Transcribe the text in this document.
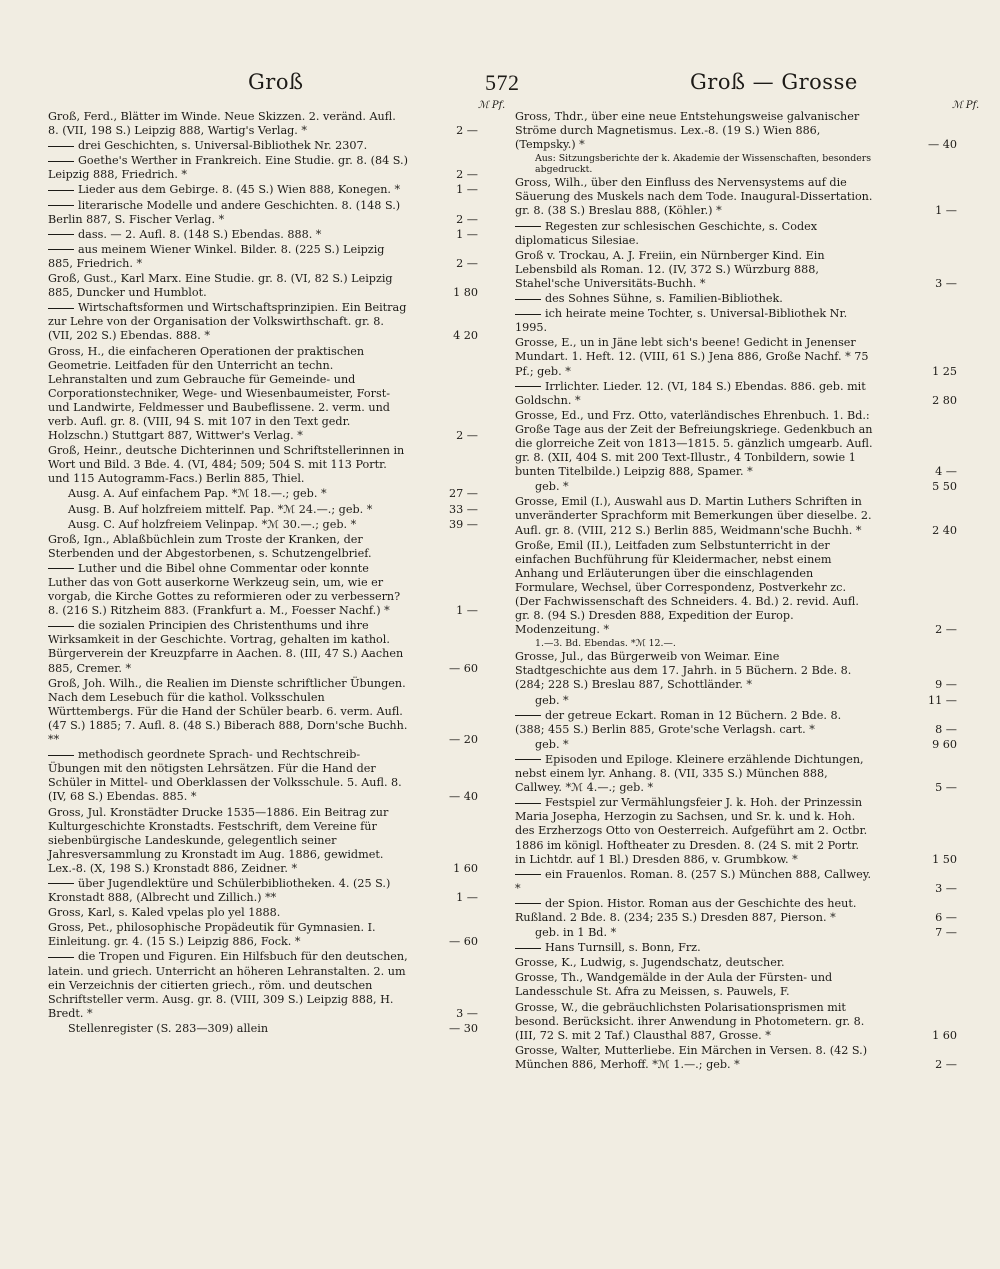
Groß	572	Groß — Grosse
ℳ Pf.	ℳ Pf.
Groß, Ferd., Blätter im Winde. Neue Skizzen. 2. veränd. Aufl. 8. (VII, 198 S.) Leipzig 888, Wartig's Verlag. *	2 —
drei Geschichten, s. Universal-Bibliothek Nr. 2307.
Goethe's Werther in Frankreich. Eine Studie. gr. 8. (84 S.) Leipzig 888, Friedrich. *	2 —
Lieder aus dem Gebirge. 8. (45 S.) Wien 888, Konegen. *	1 —
literarische Modelle und andere Geschichten. 8. (148 S.) Berlin 887, S. Fischer Verlag. *	2 —
dass. — 2. Aufl. 8. (148 S.) Ebendas. 888. *	1 —
aus meinem Wiener Winkel. Bilder. 8. (225 S.) Leipzig 885, Friedrich. *	2 —
Groß, Gust., Karl Marx. Eine Studie. gr. 8. (VI, 82 S.) Leipzig 885, Duncker und Humblot.	1 80
Wirtschaftsformen und Wirtschaftsprinzipien. Ein Beitrag zur Lehre von der Organisation der Volkswirthschaft. gr. 8. (VII, 202 S.) Ebendas. 888. *	4 20
Gross, H., die einfacheren Operationen der praktischen Geometrie. Leitfaden für den Unterricht an techn. Lehranstalten und zum Gebrauche für Gemeinde- und Corporationstechniker, Wege- und Wiesenbaumeister, Forst- und Landwirte, Feldmesser und Baubeflissene. 2. verm. und verb. Aufl. gr. 8. (VIII, 94 S. mit 107 in den Text gedr. Holzschn.) Stuttgart 887, Wittwer's Verlag. *	2 —
Groß, Heinr., deutsche Dichterinnen und Schriftstellerinnen in Wort und Bild. 3 Bde. 4. (VI, 484; 509; 504 S. mit 113 Portr. und 115 Autogramm-Facs.) Berlin 885, Thiel.
Ausg. A. Auf einfachem Pap. *ℳ 18.—.; geb. *	27 —
Ausg. B. Auf holzfreiem mittelf. Pap. *ℳ 24.—.; geb. *	33 —
Ausg. C. Auf holzfreiem Velinpap. *ℳ 30.—.; geb. *	39 —
Groß, Ign., Ablaßbüchlein zum Troste der Kranken, der Sterbenden und der Abgestorbenen, s. Schutzengelbrief.
Luther und die Bibel ohne Commentar oder konnte Luther das von Gott auserkorne Werkzeug sein, um, wie er vorgab, die Kirche Gottes zu reformieren oder zu verbessern? 8. (216 S.) Ritzheim 883. (Frankfurt a. M., Foesser Nachf.) *	1 —
die sozialen Principien des Christenthums und ihre Wirksamkeit in der Geschichte. Vortrag, gehalten im kathol. Bürgerverein der Kreuzpfarre in Aachen. 8. (III, 47 S.) Aachen 885, Cremer. *	— 60
Groß, Joh. Wilh., die Realien im Dienste schriftlicher Übungen. Nach dem Lesebuch für die kathol. Volksschulen Württembergs. Für die Hand der Schüler bearb. 6. verm. Aufl. (47 S.) 1885; 7. Aufl. 8. (48 S.) Biberach 888, Dorn'sche Buchh. **	— 20
methodisch geordnete Sprach- und Rechtschreib-Übungen mit den nötigsten Lehrsätzen. Für die Hand der Schüler in Mittel- und Oberklassen der Volksschule. 5. Aufl. 8. (IV, 68 S.) Ebendas. 885. *	— 40
Gross, Jul. Kronstädter Drucke 1535—1886. Ein Beitrag zur Kulturgeschichte Kronstadts. Festschrift, dem Vereine für siebenbürgische Landeskunde, gelegentlich seiner Jahresversammlung zu Kronstadt im Aug. 1886, gewidmet. Lex.-8. (X, 198 S.) Kronstadt 886, Zeidner. *	1 60
über Jugendlektüre und Schülerbibliotheken. 4. (25 S.) Kronstadt 888, (Albrecht und Zillich.) **	1 —
Gross, Karl, s. Kaled vpelas plo yel 1888.
Gross, Pet., philosophische Propädeutik für Gymnasien. I. Einleitung. gr. 4. (15 S.) Leipzig 886, Fock. *	— 60
die Tropen und Figuren. Ein Hilfsbuch für den deutschen, latein. und griech. Unterricht an höheren Lehranstalten. 2. um ein Verzeichnis der citierten griech., röm. und deutschen Schriftsteller verm. Ausg. gr. 8. (VIII, 309 S.) Leipzig 888, H. Bredt. *	3 —
Stellenregister (S. 283—309) allein	— 30
Gross, Thdr., über eine neue Entstehungsweise galvanischer Ströme durch Magnetismus. Lex.-8. (19 S.) Wien 886, (Tempsky.) *	— 40
Aus: Sitzungsberichte der k. Akademie der Wissenschaften, besonders abgedruckt.
Gross, Wilh., über den Einfluss des Nervensystems auf die Säuerung des Muskels nach dem Tode. Inaugural-Dissertation. gr. 8. (38 S.) Breslau 888, (Köhler.) *	1 —
Regesten zur schlesischen Geschichte, s. Codex diplomaticus Silesiae.
Groß v. Trockau, A. J. Freiin, ein Nürnberger Kind. Ein Lebensbild als Roman. 12. (IV, 372 S.) Würzburg 888, Stahel'sche Universitäts-Buchh. *	3 —
des Sohnes Sühne, s. Familien-Bibliothek.
ich heirate meine Tochter, s. Universal-Bibliothek Nr. 1995.
Grosse, E., un in Jäne lebt sich's beene! Gedicht in Jenenser Mundart. 1. Heft. 12. (VIII, 61 S.) Jena 886, Große Nachf. * 75 Pf.; geb. *	1 25
Irrlichter. Lieder. 12. (VI, 184 S.) Ebendas. 886. geb. mit Goldschn. *	2 80
Grosse, Ed., und Frz. Otto, vaterländisches Ehrenbuch. 1. Bd.: Große Tage aus der Zeit der Befreiungskriege. Gedenkbuch an die glorreiche Zeit von 1813—1815. 5. gänzlich umgearb. Aufl. gr. 8. (XII, 404 S. mit 200 Text-Illustr., 4 Tonbildern, sowie 1 bunten Titelbilde.) Leipzig 888, Spamer. *	4 —
geb. *	5 50
Grosse, Emil (I.), Auswahl aus D. Martin Luthers Schriften in unveränderter Sprachform mit Bemerkungen über dieselbe. 2. Aufl. gr. 8. (VIII, 212 S.) Berlin 885, Weidmann'sche Buchh. *	2 40
Große, Emil (II.), Leitfaden zum Selbstunterricht in der einfachen Buchführung für Kleidermacher, nebst einem Anhang und Erläuterungen über die einschlagenden Formulare, Wechsel, über Correspondenz, Postverkehr zc. (Der Fachwissenschaft des Schneiders. 4. Bd.) 2. revid. Aufl. gr. 8. (94 S.) Dresden 888, Expedition der Europ. Modenzeitung. *	2 —
1.—3. Bd. Ebendas. *ℳ 12.—.
Grosse, Jul., das Bürgerweib von Weimar. Eine Stadtgeschichte aus dem 17. Jahrh. in 5 Büchern. 2 Bde. 8. (284; 228 S.) Breslau 887, Schottländer. *	9 —
geb. *	11 —
der getreue Eckart. Roman in 12 Büchern. 2 Bde. 8. (388; 455 S.) Berlin 885, Grote'sche Verlagsh. cart. *	8 —
geb. *	9 60
Episoden und Epiloge. Kleinere erzählende Dichtungen, nebst einem lyr. Anhang. 8. (VII, 335 S.) München 888, Callwey. *ℳ 4.—.; geb. *	5 —
Festspiel zur Vermählungsfeier J. k. Hoh. der Prinzessin Maria Josepha, Herzogin zu Sachsen, und Sr. k. und k. Hoh. des Erzherzogs Otto von Oesterreich. Aufgeführt am 2. Octbr. 1886 im königl. Hoftheater zu Dresden. 8. (24 S. mit 2 Portr. in Lichtdr. auf 1 Bl.) Dresden 886, v. Grumbkow. *	1 50
ein Frauenlos. Roman. 8. (257 S.) München 888, Callwey. *	3 —
der Spion. Histor. Roman aus der Geschichte des heut. Rußland. 2 Bde. 8. (234; 235 S.) Dresden 887, Pierson. *	6 —
geb. in 1 Bd. *	7 —
Hans Turnsill, s. Bonn, Frz.
Grosse, K., Ludwig, s. Jugendschatz, deutscher.
Grosse, Th., Wandgemälde in der Aula der Fürsten- und Landesschule St. Afra zu Meissen, s. Pauwels, F.
Grosse, W., die gebräuchlichsten Polarisationsprismen mit besond. Berücksicht. ihrer Anwendung in Photometern. gr. 8. (III, 72 S. mit 2 Taf.) Clausthal 887, Grosse. *	1 60
Grosse, Walter, Mutterliebe. Ein Märchen in Versen. 8. (42 S.) München 886, Merhoff. *ℳ 1.—.; geb. *	2 —
